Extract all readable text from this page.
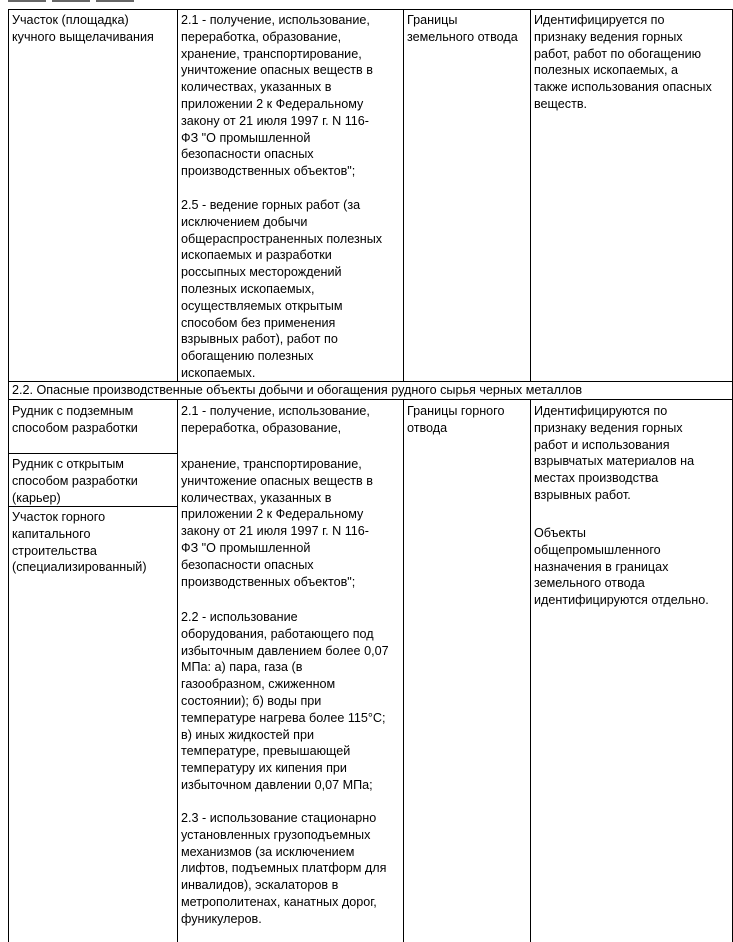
Участок (площадка)
кучного выщелачивания
2.1 - получение, использование,
переработка, образование,
хранение, транспортирование,
уничтожение опасных веществ в
количествах, указанных в
приложении 2 к Федеральному
закону от 21 июля 1997 г. N 116-
ФЗ "О промышленной
безопасности опасных
производственных объектов";
2.5 - ведение горных работ (за
исключением добычи
общераспространенных полезных
ископаемых и разработки
россыпных месторождений
полезных ископаемых,
осуществляемых открытым
способом без применения
взрывных работ), работ по
обогащению полезных
ископаемых.
Границы
земельного отвода
Идентифицируется по
признаку ведения горных
работ, работ по обогащению
полезных ископаемых, а
также использования опасных
веществ.
2.2. Опасные производственные объекты добычи и обогащения рудного сырья черных металлов
Рудник с подземным
способом разработки
Рудник с открытым
способом разработки
(карьер)
Участок горного
капитального
строительства
(специализированный)
2.1 - получение, использование,
переработка, образование,
хранение, транспортирование,
уничтожение опасных веществ в
количествах, указанных в
приложении 2 к Федеральному
закону от 21 июля 1997 г. N 116-
ФЗ "О промышленной
безопасности опасных
производственных объектов";
2.2 - использование
оборудования, работающего под
избыточным давлением более 0,07
МПа: а) пара, газа (в
газообразном, сжиженном
состоянии); б) воды при
температуре нагрева более 115°С;
в) иных жидкостей при
температуре, превышающей
температуру их кипения при
избыточном давлении 0,07 МПа;
2.3 - использование стационарно
установленных грузоподъемных
механизмов (за исключением
лифтов, подъемных платформ для
инвалидов), эскалаторов в
метрополитенах, канатных дорог,
фуникулеров.
Границы горного
отвода
Идентифицируются по
признаку ведения горных
работ и использования
взрывчатых материалов на
местах производства
взрывных работ.
Объекты
общепромышленного
назначения в границах
земельного отвода
идентифицируются отдельно.
